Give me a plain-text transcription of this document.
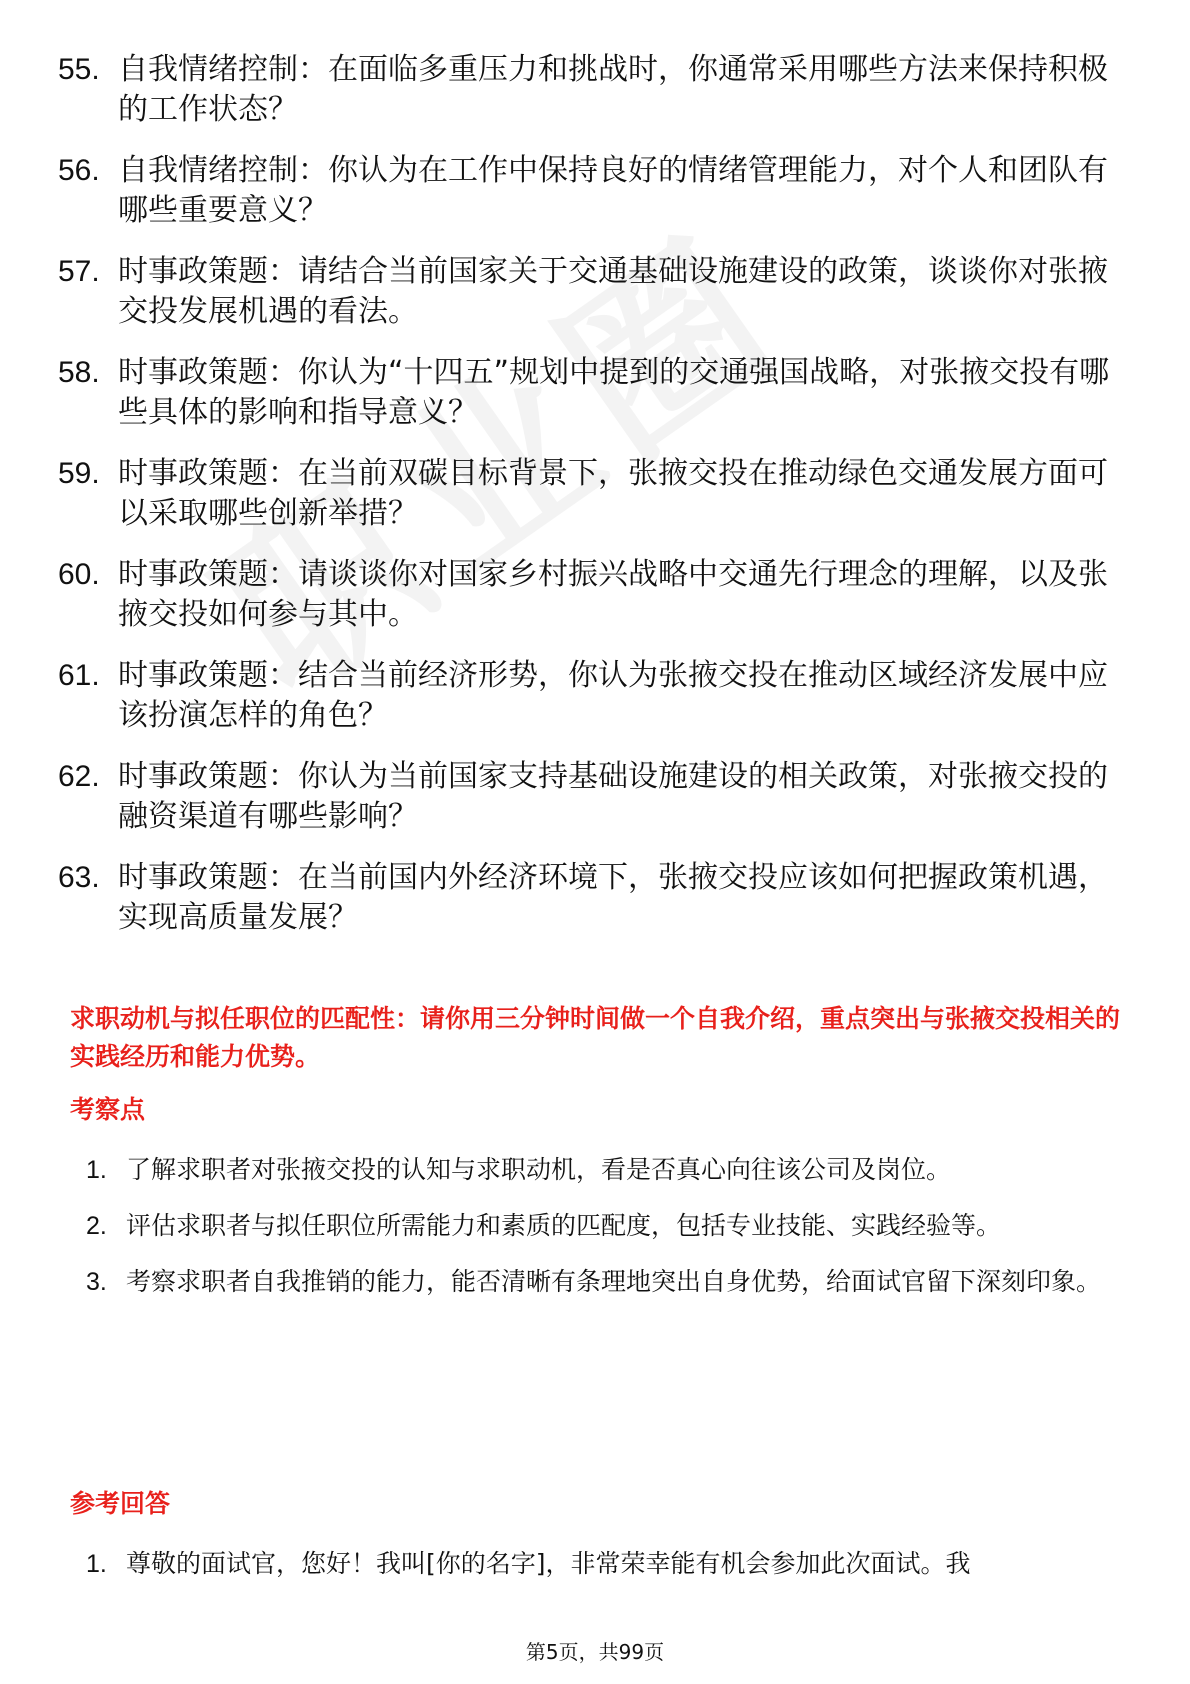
55. 自我情绪控制：在面临多重压力和挑战时，你通常采用哪些方法来保持积极的工作状态？
56. 自我情绪控制：你认为在工作中保持良好的情绪管理能力，对个人和团队有哪些重要意义？
57. 时事政策题：请结合当前国家关于交通基础设施建设的政策，谈谈你对张掖交投发展机遇的看法。
58. 时事政策题：你认为“十四五”规划中提到的交通强国战略，对张掖交投有哪些具体的影响和指导意义？
59. 时事政策题：在当前双碳目标背景下，张掖交投在推动绿色交通发展方面可以采取哪些创新举措？
60. 时事政策题：请谈谈你对国家乡村振兴战略中交通先行理念的理解，以及张掖交投如何参与其中。
61. 时事政策题：结合当前经济形势，你认为张掖交投在推动区域经济发展中应该扮演怎样的角色？
62. 时事政策题：你认为当前国家支持基础设施建设的相关政策，对张掖交投的融资渠道有哪些影响？
63. 时事政策题：在当前国内外经济环境下，张掖交投应该如何把握政策机遇，实现高质量发展？

求职动机与拟任职位的匹配性：请你用三分钟时间做一个自我介绍，重点突出与张掖交投相关的实践经历和能力优势。

考察点
1. 了解求职者对张掖交投的认知与求职动机，看是否真心向往该公司及岗位。
2. 评估求职者与拟任职位所需能力和素质的匹配度，包括专业技能、实践经验等。
3. 考察求职者自我推销的能力，能否清晰有条理地突出自身优势，给面试官留下深刻印象。
参考回答
1. 尊敬的面试官，您好！我叫[你的名字]，非常荣幸能有机会参加此次面试。我
第5页，共99页
